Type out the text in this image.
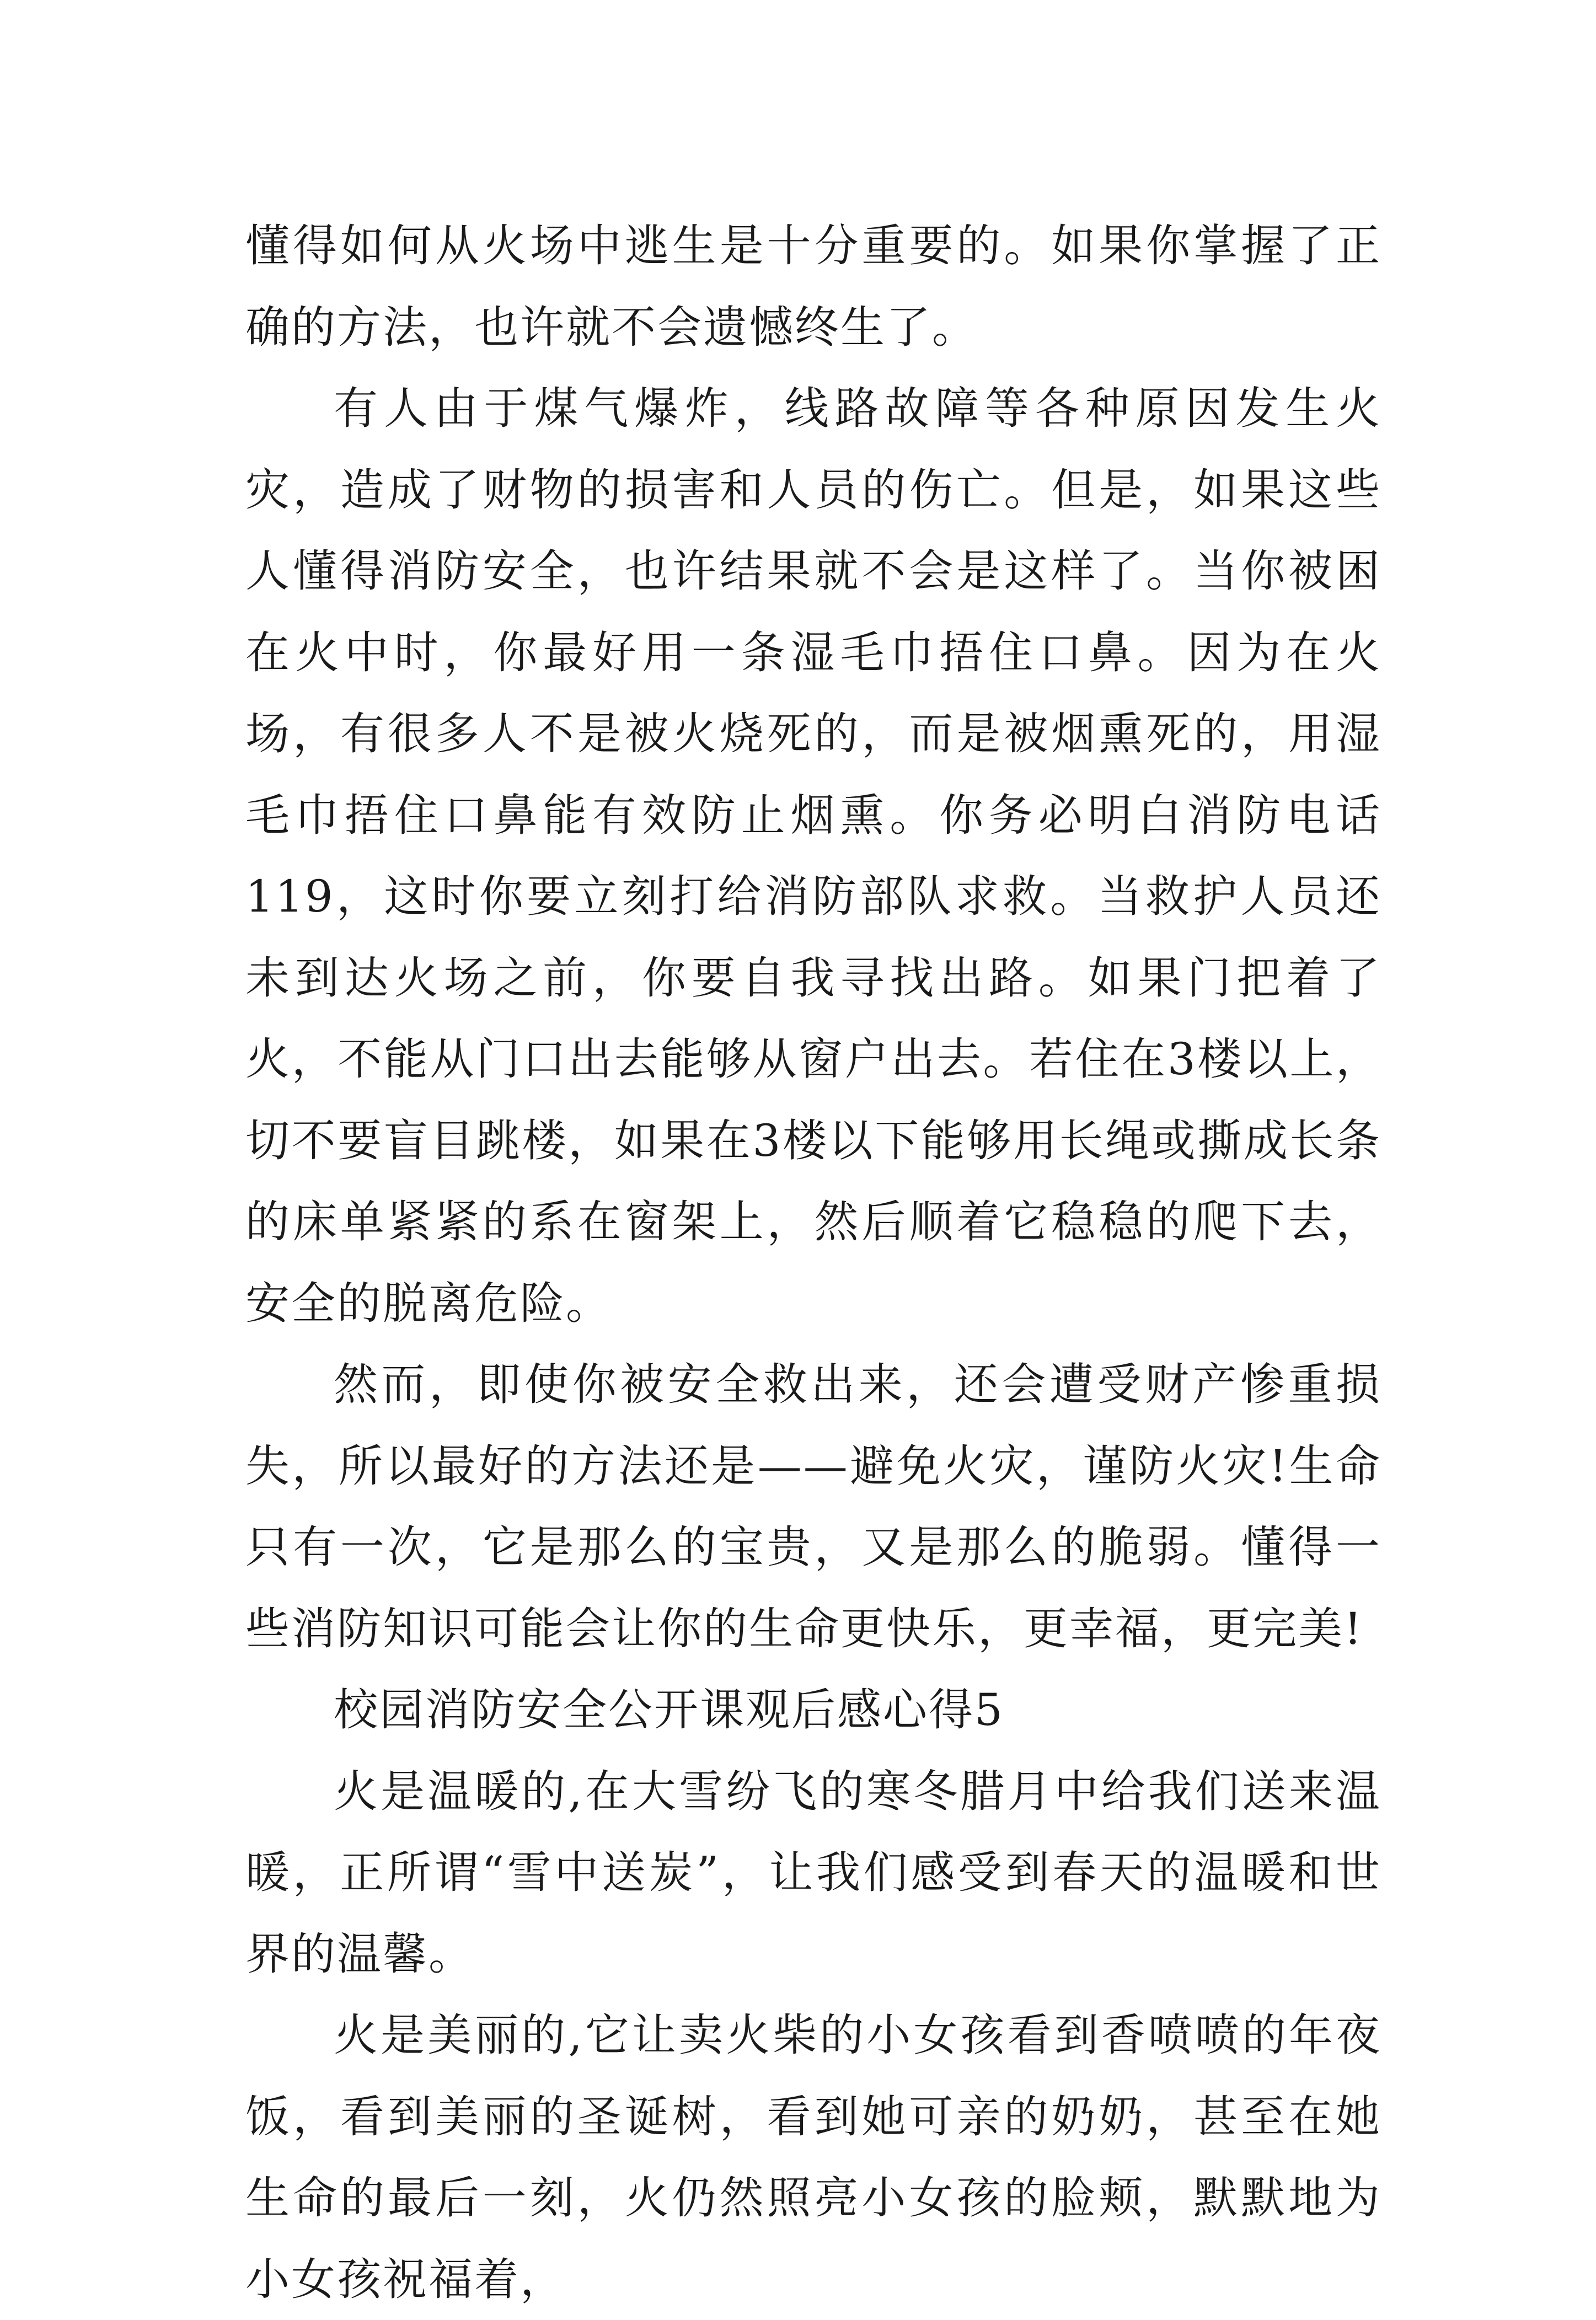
懂得如何从火场中逃生是十分重要的。如果你掌握了正确的方法，也许就不会遗憾终生了。

有人由于煤气爆炸，线路故障等各种原因发生火灾，造成了财物的损害和人员的伤亡。但是，如果这些人懂得消防安全，也许结果就不会是这样了。当你被困在火中时，你最好用一条湿毛巾捂住口鼻。因为在火场，有很多人不是被火烧死的，而是被烟熏死的，用湿毛巾捂住口鼻能有效防止烟熏。你务必明白消防电话119，这时你要立刻打给消防部队求救。当救护人员还未到达火场之前，你要自我寻找出路。如果门把着了火，不能从门口出去能够从窗户出去。若住在3楼以上，切不要盲目跳楼，如果在3楼以下能够用长绳或撕成长条的床单紧紧的系在窗架上，然后顺着它稳稳的爬下去，安全的脱离危险。

然而，即使你被安全救出来，还会遭受财产惨重损失，所以最好的方法还是——避免火灾，谨防火灾!生命只有一次，它是那么的宝贵，又是那么的脆弱。懂得一些消防知识可能会让你的生命更快乐，更幸福，更完美!

校园消防安全公开课观后感心得5

火是温暖的,在大雪纷飞的寒冬腊月中给我们送来温暖，正所谓“雪中送炭”，让我们感受到春天的温暖和世界的温馨。

火是美丽的,它让卖火柴的小女孩看到香喷喷的年夜饭，看到美丽的圣诞树，看到她可亲的奶奶，甚至在她生命的最后一刻，火仍然照亮小女孩的脸颊，默默地为小女孩祝福着，
